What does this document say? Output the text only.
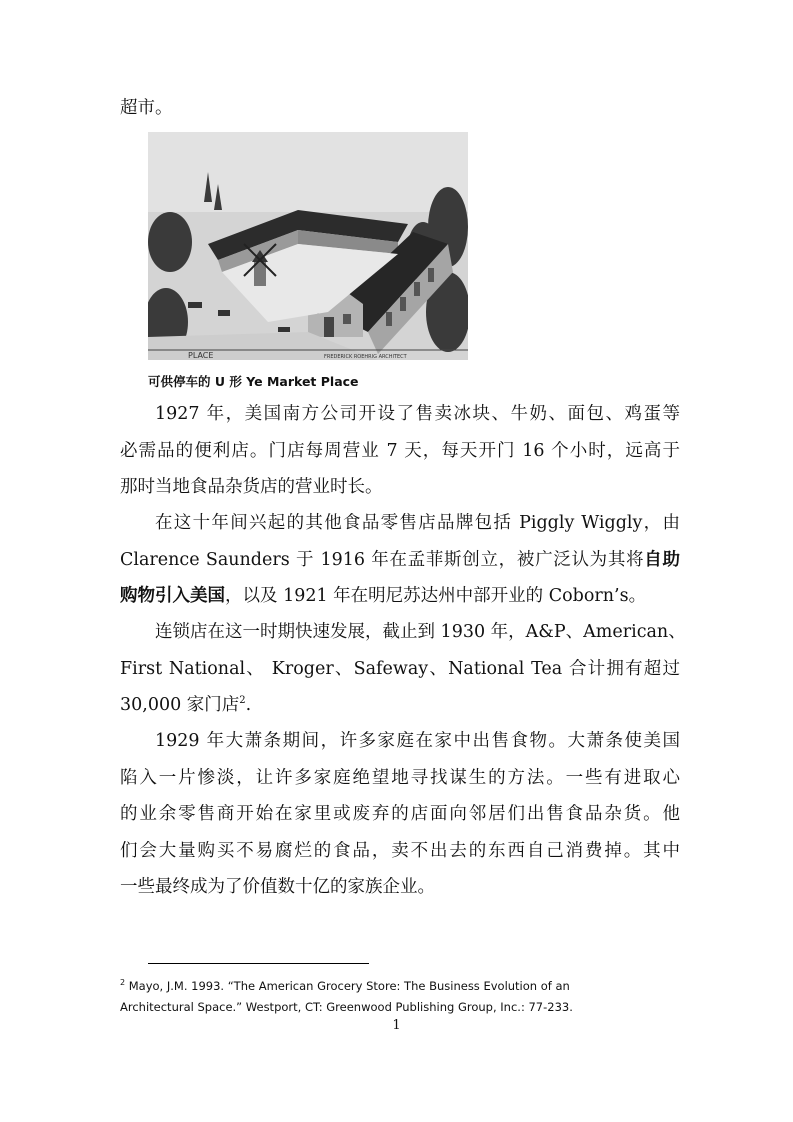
超市。

PLACE	FREDERICK ROEHRIG ARCHITECT
可供停车的 U 形 Ye Market Place

1927 年，美国南方公司开设了售卖冰块、牛奶、面包、鸡蛋等
必需品的便利店。门店每周营业 7 天，每天开门 16 个小时，远高于
那时当地食品杂货店的营业时长。

在这十年间兴起的其他食品零售店品牌包括 Piggly Wiggly，由
Clarence Saunders 于 1916 年在孟菲斯创立，被广泛认为其将自助
购物引入美国，以及 1921 年在明尼苏达州中部开业的 Coborn’s。

连锁店在这一时期快速发展，截止到 1930 年，A&P、American、
First National、 Kroger、Safeway、National Tea 合计拥有超过
30,000 家门店$^2$.

1929 年大萧条期间，许多家庭在家中出售食物。大萧条使美国
陷入一片惨淡，让许多家庭绝望地寻找谋生的方法。一些有进取心
的业余零售商开始在家里或废弃的店面向邻居们出售食品杂货。他
们会大量购买不易腐烂的食品，卖不出去的东西自己消费掉。其中
一些最终成为了价值数十亿的家族企业。

$^2$ Mayo, J.M. 1993. “The American Grocery Store: The Business Evolution of an
Architectural Space.” Westport, CT: Greenwood Publishing Group, Inc.: 77-233.
1
